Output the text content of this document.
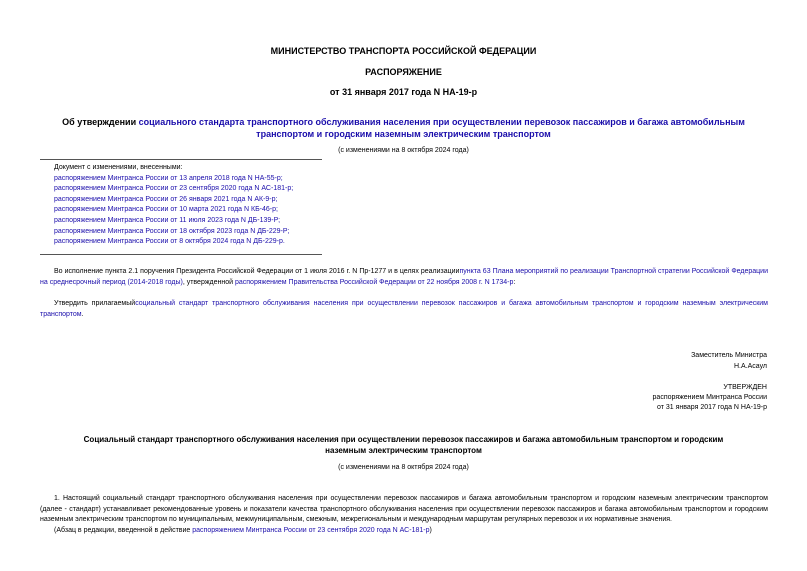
МИНИСТЕРСТВО ТРАНСПОРТА РОССИЙСКОЙ ФЕДЕРАЦИИ
РАСПОРЯЖЕНИЕ
от 31 января 2017 года N НА-19-р
Об утверждении социального стандарта транспортного обслуживания населения при осуществлении перевозок пассажиров и багажа автомобильным
транспортом и городским наземным электрическим транспортом
(с изменениями на 8 октября 2024 года)
Документ с изменениями, внесенными:
распоряжением Минтранса России от 13 апреля 2018 года N НА-55-р;
распоряжением Минтранса России от 23 сентября 2020 года N АС-181-р;
распоряжением Минтранса России от 26 января 2021 года N АК-9-р;
распоряжением Минтранса России от 10 марта 2021 года N КБ-46-р;
распоряжением Минтранса России от 11 июля 2023 года N ДБ-139-Р;
распоряжением Минтранса России от 18 октября 2023 года N ДБ-229-Р;
распоряжением Минтранса России от 8 октября 2024 года N ДБ-229-р.
Во исполнение пункта 2.1 поручения Президента Российской Федерации от 1 июля 2016 г. N Пр-1277 и в целях реализациипункта 63 Плана мероприятий по реализации Транспортной стратегии Российской Федерации на среднесрочный период (2014-2018 годы), утвержденной распоряжением Правительства Российской Федерации от 22 ноября 2008 г. N 1734-р:
Утвердить прилагаемыйсоциальный стандарт транспортного обслуживания населения при осуществлении перевозок пассажиров и багажа автомобильным транспортом и городским наземным электрическим транспортом.
Заместитель Министра
Н.А.Асаул
УТВЕРЖДЕН
распоряжением Минтранса России
от 31 января 2017 года N НА-19-р
Социальный стандарт транспортного обслуживания населения при осуществлении перевозок пассажиров и багажа автомобильным транспортом и городским
наземным электрическим транспортом
(с изменениями на 8 октября 2024 года)
1. Настоящий социальный стандарт транспортного обслуживания населения при осуществлении перевозок пассажиров и багажа автомобильным транспортом и городским наземным электрическим транспортом (далее - стандарт) устанавливает рекомендованные уровень и показатели качества транспортного обслуживания населения при осуществлении перевозок пассажиров и багажа автомобильным транспортом и городским наземным электрическим транспортом по муниципальным, межмуниципальным, смежным, межрегиональным и международным маршрутам регулярных перевозок и их нормативные значения.
(Абзац в редакции, введенной в действие распоряжением Минтранса России от 23 сентября 2020 года N АС-181-р)
